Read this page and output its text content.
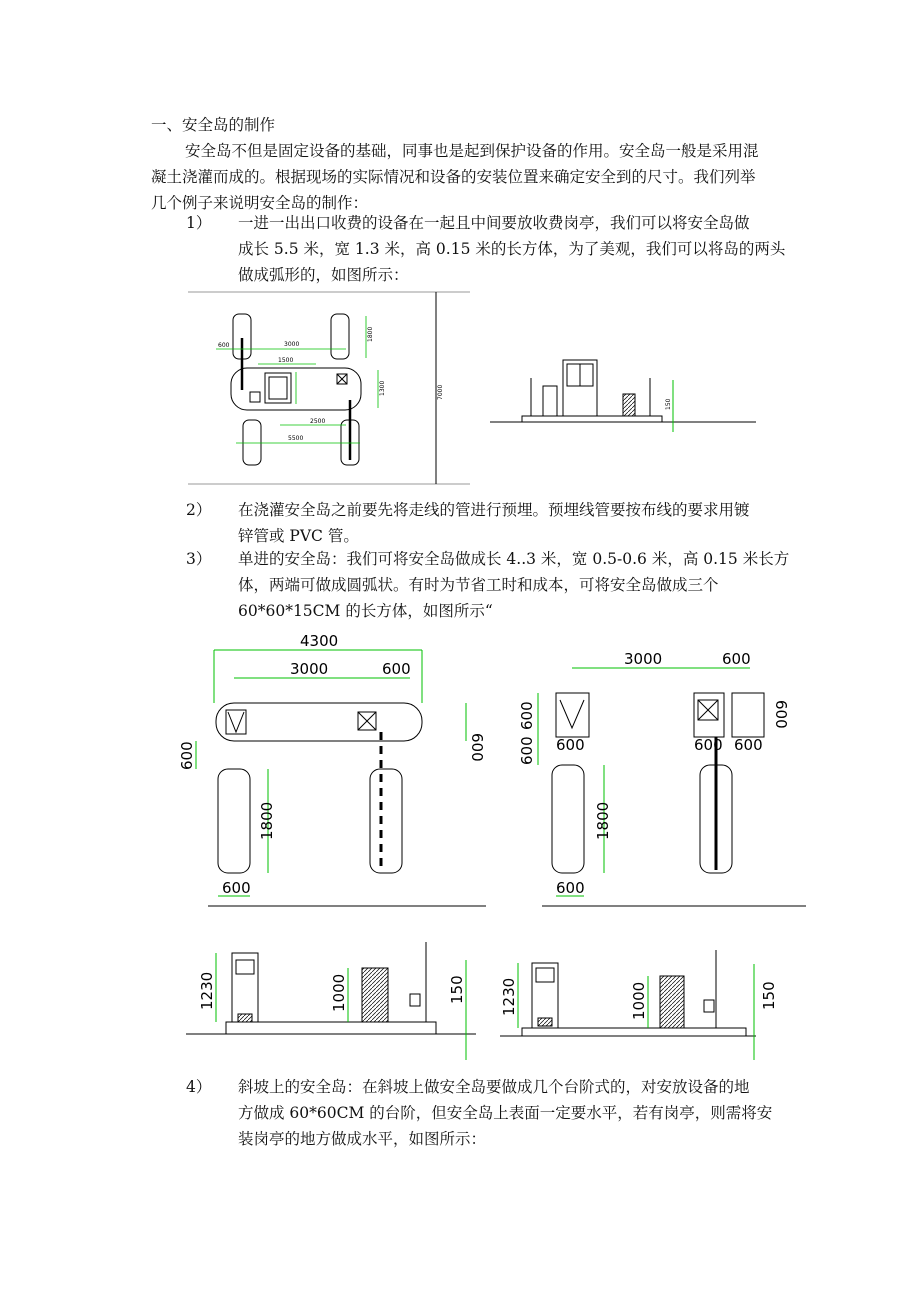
一、安全岛的制作
安全岛不但是固定设备的基础，同事也是起到保护设备的作用。安全岛一般是采用混
凝土浇灌而成的。根据现场的实际情况和设备的安装位置来确定安全到的尺寸。我们列举
几个例子来说明安全岛的制作：
1） 一进一出出口收费的设备在一起且中间要放收费岗亭，我们可以将安全岛做
成长 5.5 米，宽 1.3 米，高 0.15 米的长方体，为了美观，我们可以将岛的两头
做成弧形的，如图所示：
2） 在浇灌安全岛之前要先将走线的管进行预埋。预埋线管要按布线的要求用镀
锌管或 PVC 管。
3） 单进的安全岛：我们可将安全岛做成长 4..3 米，宽 0.5-0.6 米，高 0.15 米长方
体，两端可做成圆弧状。有时为节省工时和成本，可将安全岛做成三个
60*60*15CM 的长方体，如图所示“
4） 斜坡上的安全岛：在斜坡上做安全岛要做成几个台阶式的，对安放设备的地
方做成 60*60CM 的台阶，但安全岛上表面一定要水平，若有岗亭，则需将安
装岗亭的地方做成水平，如图所示：
600	3000
1500
2500
5500
1800
1300	7000
150
4300
3000	600
600
600
1800
600
3000	600
600
600 600	600 600
600
1800
600
1230	1000	150 1230	1000	150
